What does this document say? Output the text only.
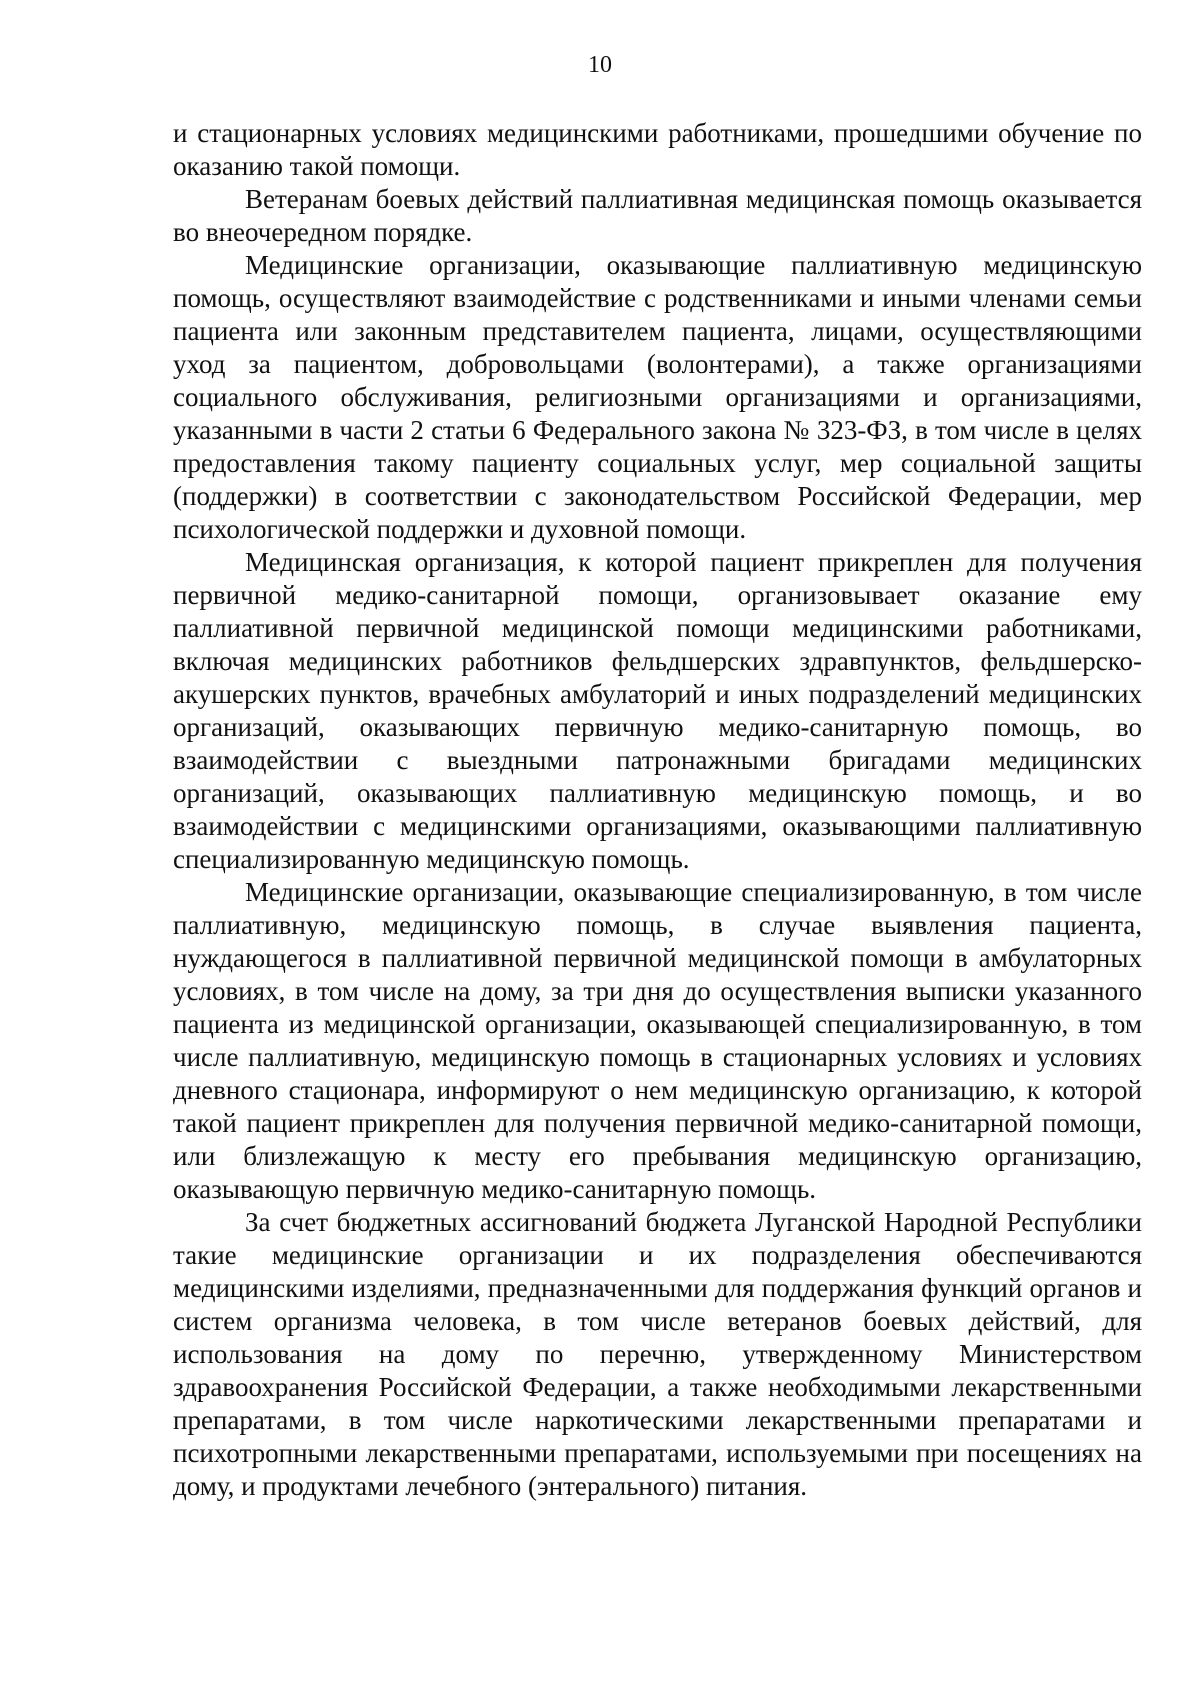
10

и стационарных условиях медицинскими работниками, прошедшими обучение по оказанию такой помощи.

Ветеранам боевых действий паллиативная медицинская помощь оказывается во внеочередном порядке.

Медицинские организации, оказывающие паллиативную медицинскую помощь, осуществляют взаимодействие с родственниками и иными членами семьи пациента или законным представителем пациента, лицами, осуществляющими уход за пациентом, добровольцами (волонтерами), а также организациями социального обслуживания, религиозными организациями и организациями, указанными в части 2 статьи 6 Федерального закона № 323-ФЗ, в том числе в целях предоставления такому пациенту социальных услуг, мер социальной защиты (поддержки) в соответствии с законодательством Российской Федерации, мер психологической поддержки и духовной помощи.

Медицинская организация, к которой пациент прикреплен для получения первичной медико-санитарной помощи, организовывает оказание ему паллиативной первичной медицинской помощи медицинскими работниками, включая медицинских работников фельдшерских здравпунктов, фельдшерско-акушерских пунктов, врачебных амбулаторий и иных подразделений медицинских организаций, оказывающих первичную медико-санитарную помощь, во взаимодействии с выездными патронажными бригадами медицинских организаций, оказывающих паллиативную медицинскую помощь, и во взаимодействии с медицинскими организациями, оказывающими паллиативную специализированную медицинскую помощь.

Медицинские организации, оказывающие специализированную, в том числе паллиативную, медицинскую помощь, в случае выявления пациента, нуждающегося в паллиативной первичной медицинской помощи в амбулаторных условиях, в том числе на дому, за три дня до осуществления выписки указанного пациента из медицинской организации, оказывающей специализированную, в том числе паллиативную, медицинскую помощь в стационарных условиях и условиях дневного стационара, информируют о нем медицинскую организацию, к которой такой пациент прикреплен для получения первичной медико-санитарной помощи, или близлежащую к месту его пребывания медицинскую организацию, оказывающую первичную медико-санитарную помощь.

За счет бюджетных ассигнований бюджета Луганской Народной Республики такие медицинские организации и их подразделения обеспечиваются медицинскими изделиями, предназначенными для поддержания функций органов и систем организма человека, в том числе ветеранов боевых действий, для использования на дому по перечню, утвержденному Министерством здравоохранения Российской Федерации, а также необходимыми лекарственными препаратами, в том числе наркотическими лекарственными препаратами и психотропными лекарственными препаратами, используемыми при посещениях на дому, и продуктами лечебного (энтерального) питания.
